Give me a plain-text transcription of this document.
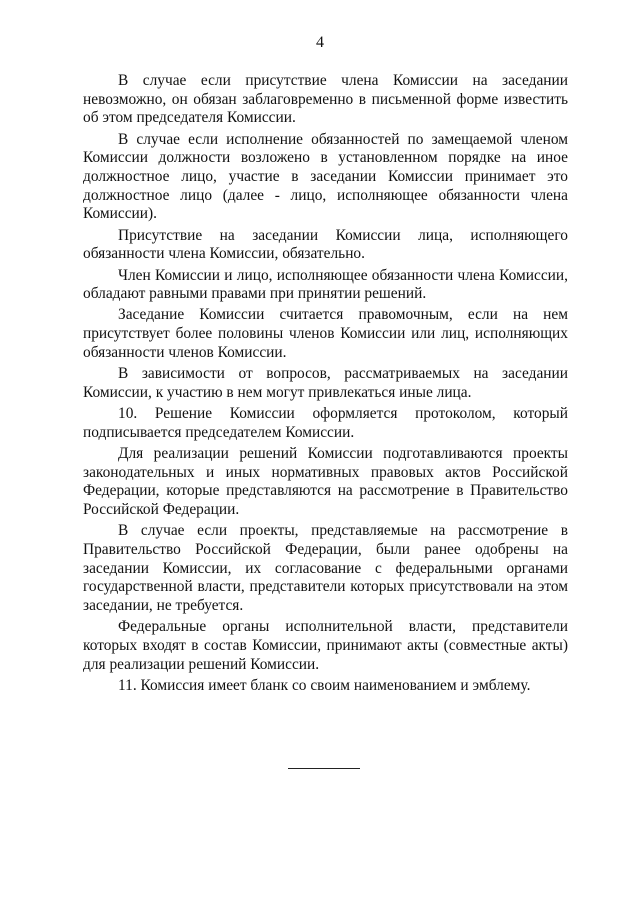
4

В случае если присутствие члена Комиссии на заседании невозможно, он обязан заблаговременно в письменной форме известить об этом председателя Комиссии.

В случае если исполнение обязанностей по замещаемой членом Комиссии должности возложено в установленном порядке на иное должностное лицо, участие в заседании Комиссии принимает это должностное лицо (далее - лицо, исполняющее обязанности члена Комиссии).

Присутствие на заседании Комиссии лица, исполняющего обязанности члена Комиссии, обязательно.

Член Комиссии и лицо, исполняющее обязанности члена Комиссии, обладают равными правами при принятии решений.

Заседание Комиссии считается правомочным, если на нем присутствует более половины членов Комиссии или лиц, исполняющих обязанности членов Комиссии.

В зависимости от вопросов, рассматриваемых на заседании Комиссии, к участию в нем могут привлекаться иные лица.

10. Решение Комиссии оформляется протоколом, который подписывается председателем Комиссии.

Для реализации решений Комиссии подготавливаются проекты законодательных и иных нормативных правовых актов Российской Федерации, которые представляются на рассмотрение в Правительство Российской Федерации.

В случае если проекты, представляемые на рассмотрение в Правительство Российской Федерации, были ранее одобрены на заседании Комиссии, их согласование с федеральными органами государственной власти, представители которых присутствовали на этом заседании, не требуется.

Федеральные органы исполнительной власти, представители которых входят в состав Комиссии, принимают акты (совместные акты) для реализации решений Комиссии.

11. Комиссия имеет бланк со своим наименованием и эмблему.
